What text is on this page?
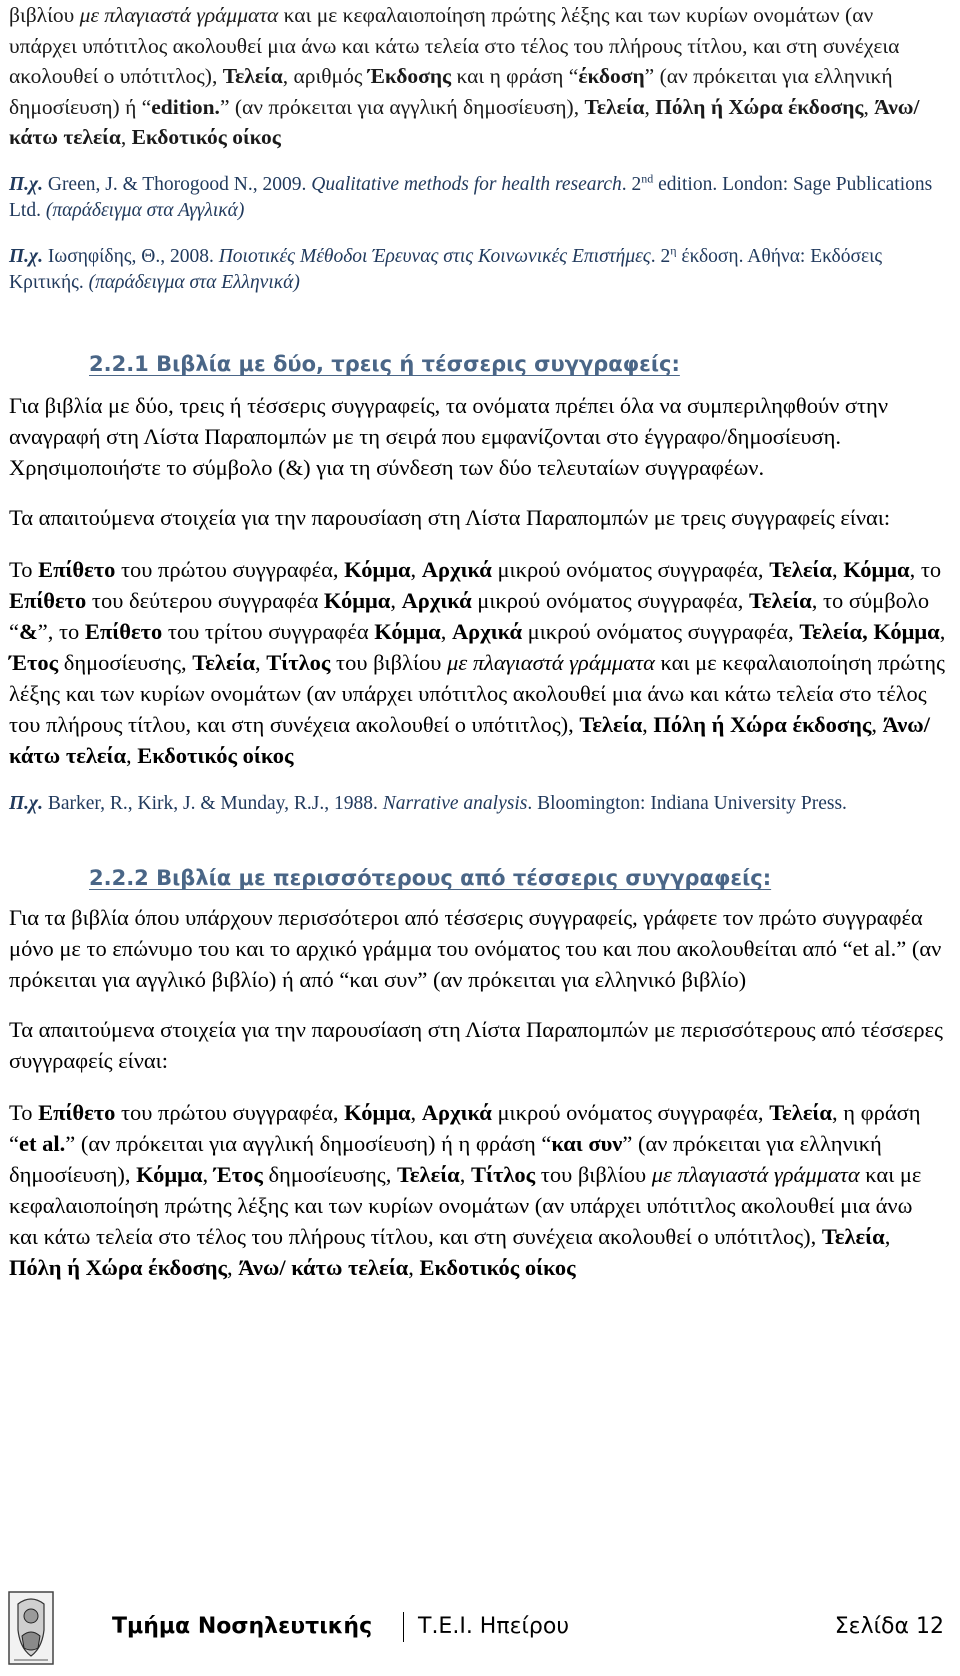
βιβλίου με πλαγιαστά γράμματα και με κεφαλαιοποίηση πρώτης λέξης και των κυρίων ονομάτων (αν υπάρχει υπότιτλος ακολουθεί μια άνω και κάτω τελεία στο τέλος του πλήρους τίτλου, και στη συνέχεια ακολουθεί ο υπότιτλος), Τελεία, αριθμός Έκδοσης και η φράση “έκδοση” (αν πρόκειται για ελληνική δημοσίευση) ή “edition.” (αν πρόκειται για αγγλική δημοσίευση), Τελεία, Πόλη ή Χώρα έκδοσης, Άνω/ κάτω τελεία, Εκδοτικός οίκος

Π.χ. Green, J. & Thorogood N., 2009. Qualitative methods for health research. 2nd edition. London: Sage Publications Ltd. (παράδειγμα στα Αγγλικά)

Π.χ. Ιωσηφίδης, Θ., 2008. Ποιοτικές Μέθοδοι Έρευνας στις Κοινωνικές Επιστήμες. $2^\eta$ έκδοση. Αθήνα: Εκδόσεις Κριτικής. (παράδειγμα στα Ελληνικά)

2.2.1 Βιβλία με δύο, τρεις ή τέσσερις συγγραφείς:

Για βιβλία με δύο, τρεις ή τέσσερις συγγραφείς, τα ονόματα πρέπει όλα να συμπεριληφθούν στην αναγραφή στη Λίστα Παραπομπών με τη σειρά που εμφανίζονται στο έγγραφο/δημοσίευση. Χρησιμοποιήστε το σύμβολο (&) για τη σύνδεση των δύο τελευταίων συγγραφέων.

Τα απαιτούμενα στοιχεία για την παρουσίαση στη Λίστα Παραπομπών με τρεις συγγραφείς είναι:

Το Επίθετο του πρώτου συγγραφέα, Κόμμα, Αρχικά μικρού ονόματος συγγραφέα, Τελεία, Κόμμα, το Επίθετο του δεύτερου συγγραφέα Κόμμα, Αρχικά μικρού ονόματος συγγραφέα, Τελεία, το σύμβολο “&”, το Επίθετο του τρίτου συγγραφέα Κόμμα, Αρχικά μικρού ονόματος συγγραφέα, Τελεία, Κόμμα, Έτος δημοσίευσης, Τελεία, Τίτλος του βιβλίου με πλαγιαστά γράμματα και με κεφαλαιοποίηση πρώτης λέξης και των κυρίων ονομάτων (αν υπάρχει υπότιτλος ακολουθεί μια άνω και κάτω τελεία στο τέλος του πλήρους τίτλου, και στη συνέχεια ακολουθεί ο υπότιτλος), Τελεία, Πόλη ή Χώρα έκδοσης, Άνω/ κάτω τελεία, Εκδοτικός οίκος

Π.χ. Barker, R., Kirk, J. & Munday, R.J., 1988. Narrative analysis. Bloomington: Indiana University Press.

2.2.2 Βιβλία με περισσότερους από τέσσερις συγγραφείς:

Για τα βιβλία όπου υπάρχουν περισσότεροι από τέσσερις συγγραφείς, γράφετε τον πρώτο συγγραφέα μόνο με το επώνυμο του και το αρχικό γράμμα του ονόματος του και που ακολουθείται από “et al.” (αν πρόκειται για αγγλικό βιβλίο) ή από “και συν” (αν πρόκειται για ελληνικό βιβλίο)

Τα απαιτούμενα στοιχεία για την παρουσίαση στη Λίστα Παραπομπών με περισσότερους από τέσσερες συγγραφείς είναι:

Το Επίθετο του πρώτου συγγραφέα, Κόμμα, Αρχικά μικρού ονόματος συγγραφέα, Τελεία, η φράση “et al.” (αν πρόκειται για αγγλική δημοσίευση) ή η φράση “και συν” (αν πρόκειται για ελληνική δημοσίευση), Κόμμα, Έτος δημοσίευσης, Τελεία, Τίτλος του βιβλίου με πλαγιαστά γράμματα και με κεφαλαιοποίηση πρώτης λέξης και των κυρίων ονομάτων (αν υπάρχει υπότιτλος ακολουθεί μια άνω και κάτω τελεία στο τέλος του πλήρους τίτλου, και στη συνέχεια ακολουθεί ο υπότιτλος), Τελεία, Πόλη ή Χώρα έκδοσης, Άνω/ κάτω τελεία, Εκδοτικός οίκος

Τμήμα Νοσηλευτικής Τ.Ε.Ι. Ηπείρου	Σελίδα 12
